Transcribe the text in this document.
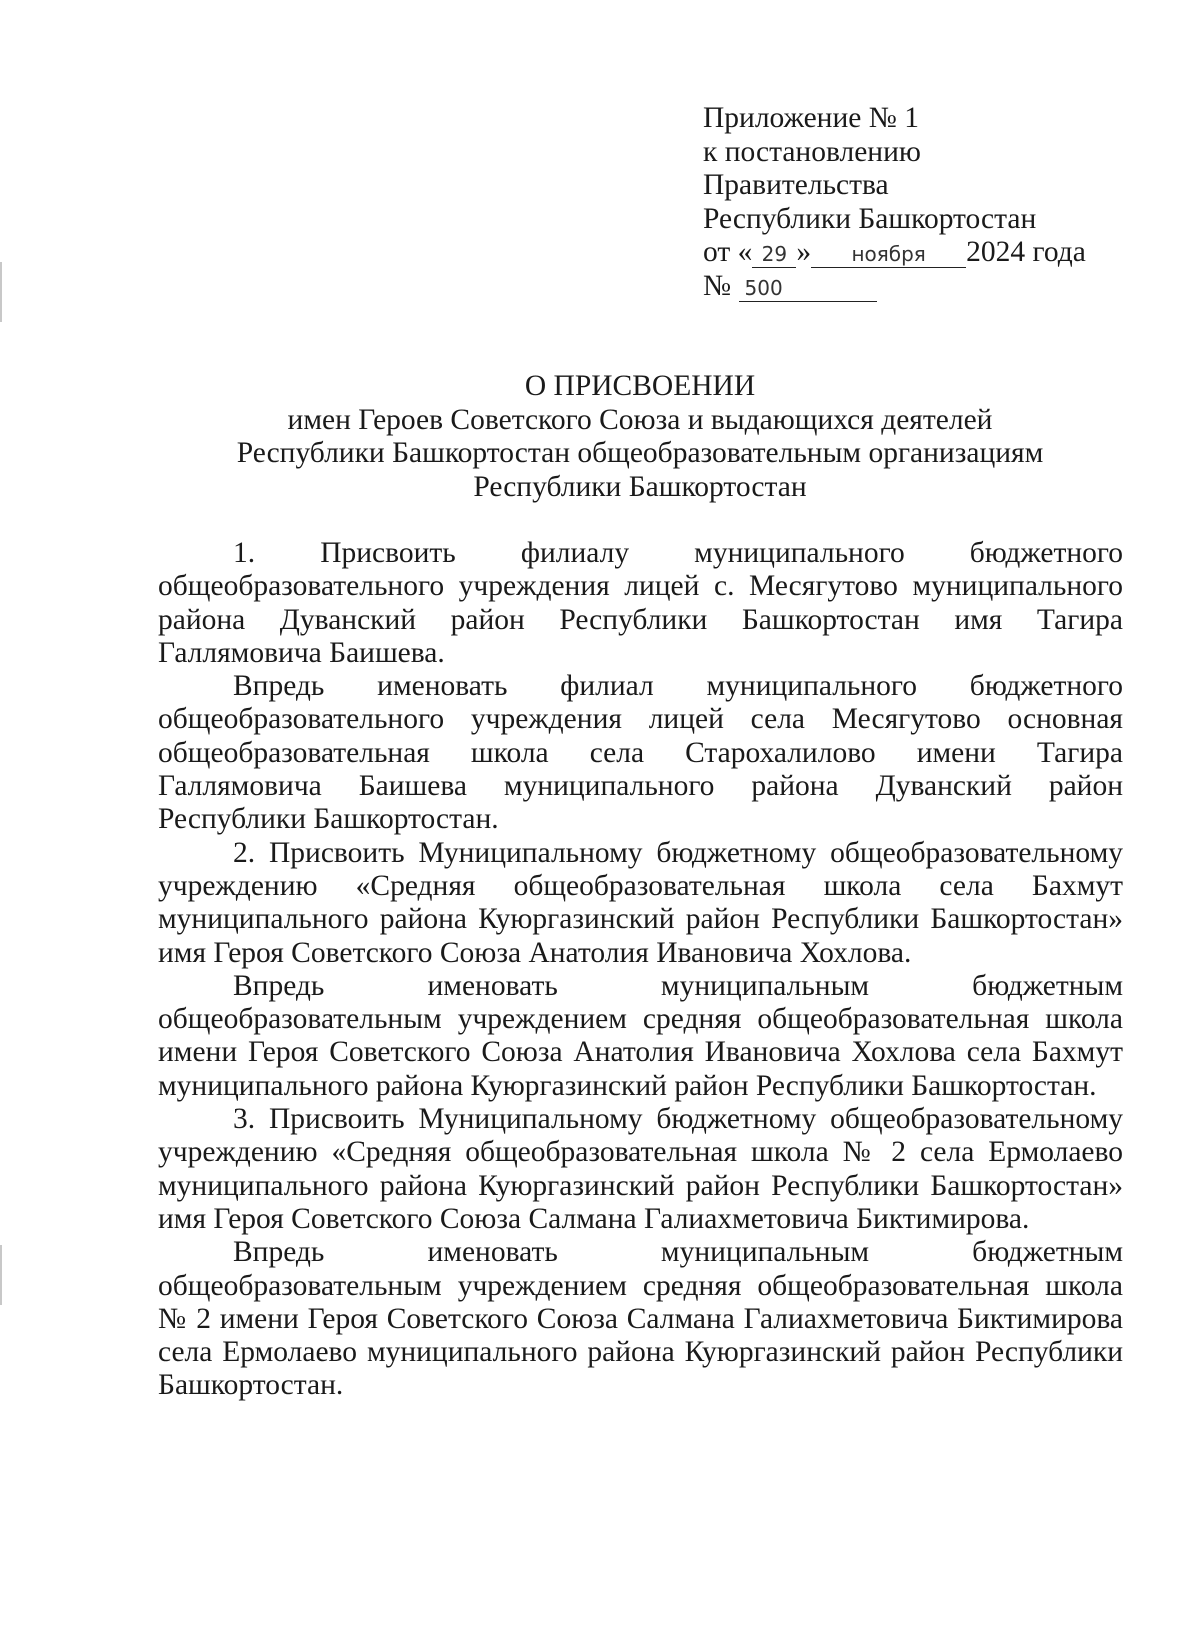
Приложение № 1
к постановлению
Правительства
Республики Башкортостан
от « 29 » ноября 2024 года
№ 500
О ПРИСВОЕНИИ
имен Героев Советского Союза и выдающихся деятелей
Республики Башкортостан общеобразовательным организациям
Республики Башкортостан

1. Присвоить филиалу муниципального бюджетного общеобразовательного учреждения лицей с. Месягутово муниципального района Дуванский район Республики Башкортостан имя Тагира Галлямовича Баишева.

Впредь именовать филиал муниципального бюджетного общеобразовательного учреждения лицей села Месягутово основная общеобразовательная школа села Старохалилово имени Тагира Галлямовича Баишева муниципального района Дуванский район Республики Башкортостан.

2. Присвоить Муниципальному бюджетному общеобразовательному учреждению «Средняя общеобразовательная школа села Бахмут муниципального района Куюргазинский район Республики Башкортостан» имя Героя Советского Союза Анатолия Ивановича Хохлова.

Впредь именовать муниципальным бюджетным общеобразовательным учреждением средняя общеобразовательная школа имени Героя Советского Союза Анатолия Ивановича Хохлова села Бахмут муниципального района Куюргазинский район Республики Башкортостан.

3. Присвоить Муниципальному бюджетному общеобразовательному учреждению «Средняя общеобразовательная школа № 2 села Ермолаево муниципального района Куюргазинский район Республики Башкортостан» имя Героя Советского Союза Салмана Галиахметовича Биктимирова.

Впредь именовать муниципальным бюджетным общеобразовательным учреждением средняя общеобразовательная школа № 2 имени Героя Советского Союза Салмана Галиахметовича Биктимирова села Ермолаево муниципального района Куюргазинский район Республики Башкортостан.
